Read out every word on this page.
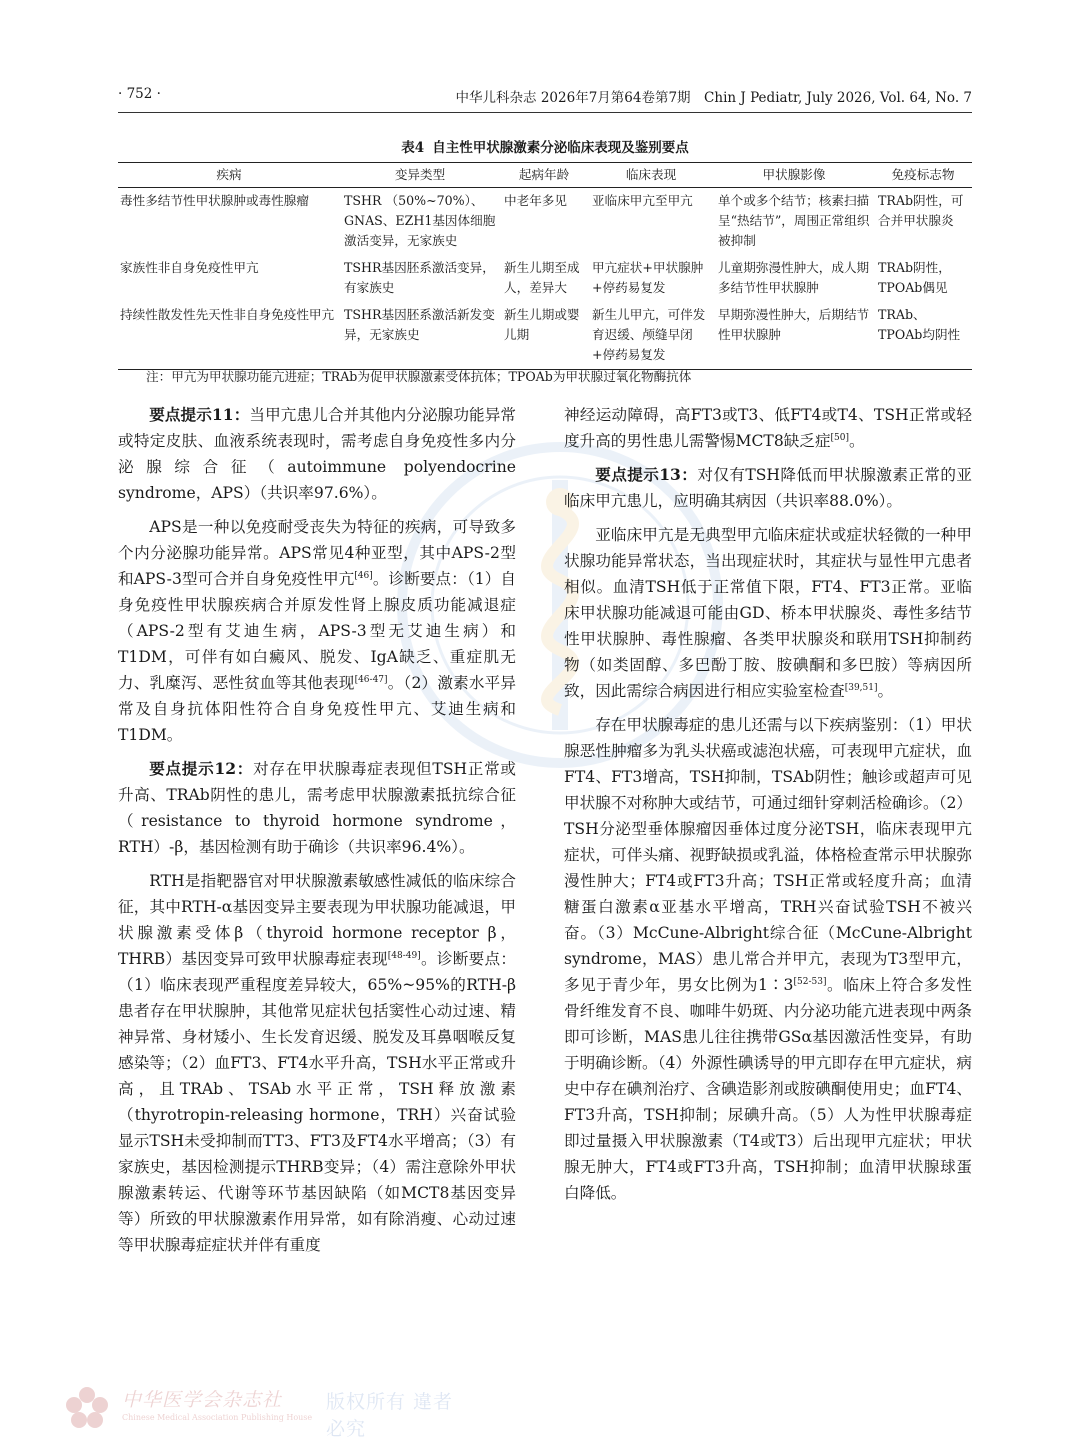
· 752 ·	中华儿科杂志 2026年7月第64卷第7期　Chin J Pediatr, July 2026, Vol. 64, No. 7
表4 自主性甲状腺激素分泌临床表现及鉴别要点
疾病	变异类型	起病年龄	临床表现	甲状腺影像	免疫标志物
毒性多结节性甲状腺肿或毒性腺瘤	TSHR （50%~70%）、GNAS、EZH1基因体细胞激活变异，无家族史	中老年多见	亚临床甲亢至甲亢	单个或多个结节；核素扫描呈“热结节”，周围正常组织被抑制	TRAb阴性，可合并甲状腺炎
家族性非自身免疫性甲亢	TSHR基因胚系激活变异，有家族史	新生儿期至成人，差异大	甲亢症状+甲状腺肿+停药易复发	儿童期弥漫性肿大，成人期多结节性甲状腺肿	TRAb阴性，TPOAb偶见
持续性散发性先天性非自身免疫性甲亢	TSHR基因胚系激活新发变异，无家族史	新生儿期或婴儿期	新生儿甲亢，可伴发育迟缓、颅缝早闭+停药易复发	早期弥漫性肿大，后期结节性甲状腺肿	TRAb、TPOAb均阴性
注：甲亢为甲状腺功能亢进症；TRAb为促甲状腺激素受体抗体；TPOAb为甲状腺过氧化物酶抗体

要点提示11：当甲亢患儿合并其他内分泌腺功能异常或特定皮肤、血液系统表现时，需考虑自身免疫性多内分泌腺综合征（autoimmune polyendocrine syndrome，APS）（共识率97.6%）。

APS是一种以免疫耐受丧失为特征的疾病，可导致多个内分泌腺功能异常。APS常见4种亚型，其中APS-2型和APS-3型可合并自身免疫性甲亢[46]。诊断要点：（1）自身免疫性甲状腺疾病合并原发性肾上腺皮质功能减退症（APS-2型有艾迪生病，APS-3型无艾迪生病）和T1DM，可伴有如白癜风、脱发、IgA缺乏、重症肌无力、乳糜泻、恶性贫血等其他表现[46-47]。（2）激素水平异常及自身抗体阳性符合自身免疫性甲亢、艾迪生病和T1DM。

要点提示12：对存在甲状腺毒症表现但TSH正常或升高、TRAb阴性的患儿，需考虑甲状腺激素抵抗综合征（resistance to thyroid hormone syndrome，RTH）-β，基因检测有助于确诊（共识率96.4%）。

RTH是指靶器官对甲状腺激素敏感性减低的临床综合征，其中RTH-α基因变异主要表现为甲状腺功能减退，甲状腺激素受体β（thyroid hormone receptor β，THRB）基因变异可致甲状腺毒症表现[48-49]。诊断要点：（1）临床表现严重程度差异较大，65%~95%的RTH-β患者存在甲状腺肿，其他常见症状包括窦性心动过速、精神异常、身材矮小、生长发育迟缓、脱发及耳鼻咽喉反复感染等；（2）血FT3、FT4水平升高，TSH水平正常或升高，且TRAb、TSAb水平正常，TSH释放激素（thyrotropin-releasing hormone，TRH）兴奋试验显示TSH未受抑制而TT3、FT3及FT4水平增高；（3）有家族史，基因检测提示THRB变异；（4）需注意除外甲状腺激素转运、代谢等环节基因缺陷（如MCT8基因变异等）所致的甲状腺激素作用异常，如有除消瘦、心动过速等甲状腺毒症症状并伴有重度

神经运动障碍，高FT3或T3、低FT4或T4、TSH正常或轻度升高的男性患儿需警惕MCT8缺乏症[50]。

要点提示13：对仅有TSH降低而甲状腺激素正常的亚临床甲亢患儿，应明确其病因（共识率88.0%）。

亚临床甲亢是无典型甲亢临床症状或症状轻微的一种甲状腺功能异常状态，当出现症状时，其症状与显性甲亢患者相似。血清TSH低于正常值下限，FT4、FT3正常。亚临床甲状腺功能减退可能由GD、桥本甲状腺炎、毒性多结节性甲状腺肿、毒性腺瘤、各类甲状腺炎和联用TSH抑制药物（如类固醇、多巴酚丁胺、胺碘酮和多巴胺）等病因所致，因此需综合病因进行相应实验室检查[39,51]。

存在甲状腺毒症的患儿还需与以下疾病鉴别：（1）甲状腺恶性肿瘤多为乳头状癌或滤泡状癌，可表现甲亢症状，血FT4、FT3增高，TSH抑制，TSAb阴性；触诊或超声可见甲状腺不对称肿大或结节，可通过细针穿刺活检确诊。（2）TSH分泌型垂体腺瘤因垂体过度分泌TSH，临床表现甲亢症状，可伴头痛、视野缺损或乳溢，体格检查常示甲状腺弥漫性肿大；FT4或FT3升高；TSH正常或轻度升高；血清糖蛋白激素α亚基水平增高，TRH兴奋试验TSH不被兴奋。（3）McCune-Albright综合征（McCune-Albright syndrome，MAS）患儿常合并甲亢，表现为T3型甲亢，多见于青少年，男女比例为1∶3[52-53]。临床上符合多发性骨纤维发育不良、咖啡牛奶斑、内分泌功能亢进表现中两条即可诊断，MAS患儿往往携带GSα基因激活性变异，有助于明确诊断。（4）外源性碘诱导的甲亢即存在甲亢症状，病史中存在碘剂治疗、含碘造影剂或胺碘酮使用史；血FT4、FT3升高，TSH抑制；尿碘升高。（5）人为性甲状腺毒症即过量摄入甲状腺激素（T4或T3）后出现甲亢症状；甲状腺无肿大，FT4或FT3升高，TSH抑制；血清甲状腺球蛋白降低。

中华医学会杂志社
Chinese Medical Association Publishing House
版权所有 違者必究
